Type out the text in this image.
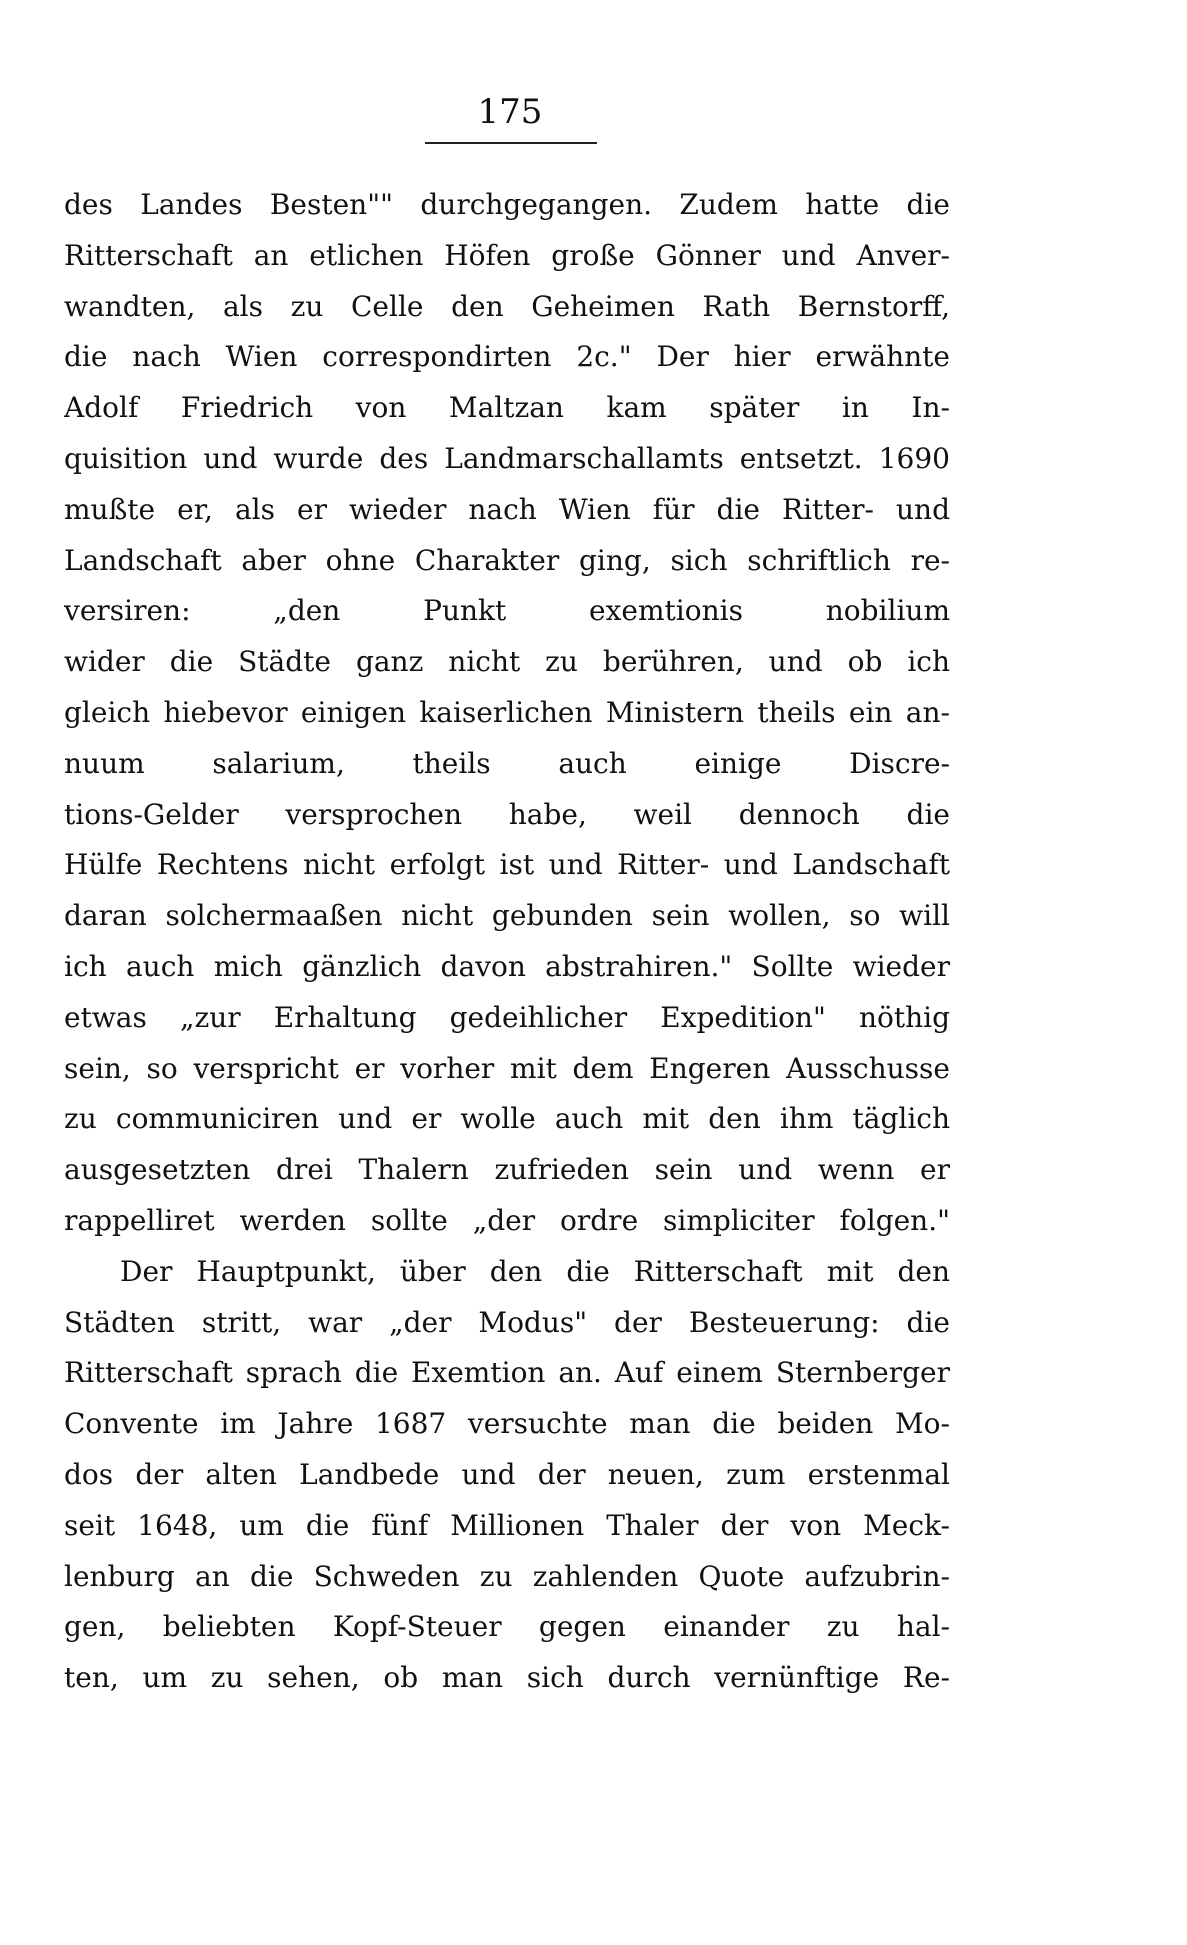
175
des Landes Besten"" durchgegangen. Zudem hatte die
Ritterschaft an etlichen Höfen große Gönner und Anver-
wandten, als zu Celle den Geheimen Rath Bernstorff,
die nach Wien correspondirten 2c." Der hier erwähnte
Adolf Friedrich von Maltzan kam später in In-
quisition und wurde des Landmarschallamts entsetzt. 1690
mußte er, als er wieder nach Wien für die Ritter- und
Landschaft aber ohne Charakter ging, sich schriftlich re-
versiren: „den Punkt exemtionis nobilium
wider die Städte ganz nicht zu berühren, und ob ich
gleich hiebevor einigen kaiserlichen Ministern theils ein an-
nuum salarium, theils auch einige Discre-
tions-Gelder versprochen habe, weil dennoch die
Hülfe Rechtens nicht erfolgt ist und Ritter- und Landschaft
daran solchermaaßen nicht gebunden sein wollen, so will
ich auch mich gänzlich davon abstrahiren." Sollte wieder
etwas „zur Erhaltung gedeihlicher Expedition" nöthig
sein, so verspricht er vorher mit dem Engeren Ausschusse
zu communiciren und er wolle auch mit den ihm täglich
ausgesetzten drei Thalern zufrieden sein und wenn er
rappelliret werden sollte „der ordre simpliciter folgen."
Der Hauptpunkt, über den die Ritterschaft mit den
Städten stritt, war „der Modus" der Besteuerung: die
Ritterschaft sprach die Exemtion an. Auf einem Sternberger
Convente im Jahre 1687 versuchte man die beiden Mo-
dos der alten Landbede und der neuen, zum erstenmal
seit 1648, um die fünf Millionen Thaler der von Meck-
lenburg an die Schweden zu zahlenden Quote aufzubrin-
gen, beliebten Kopf-Steuer gegen einander zu hal-
ten, um zu sehen, ob man sich durch vernünftige Re-
